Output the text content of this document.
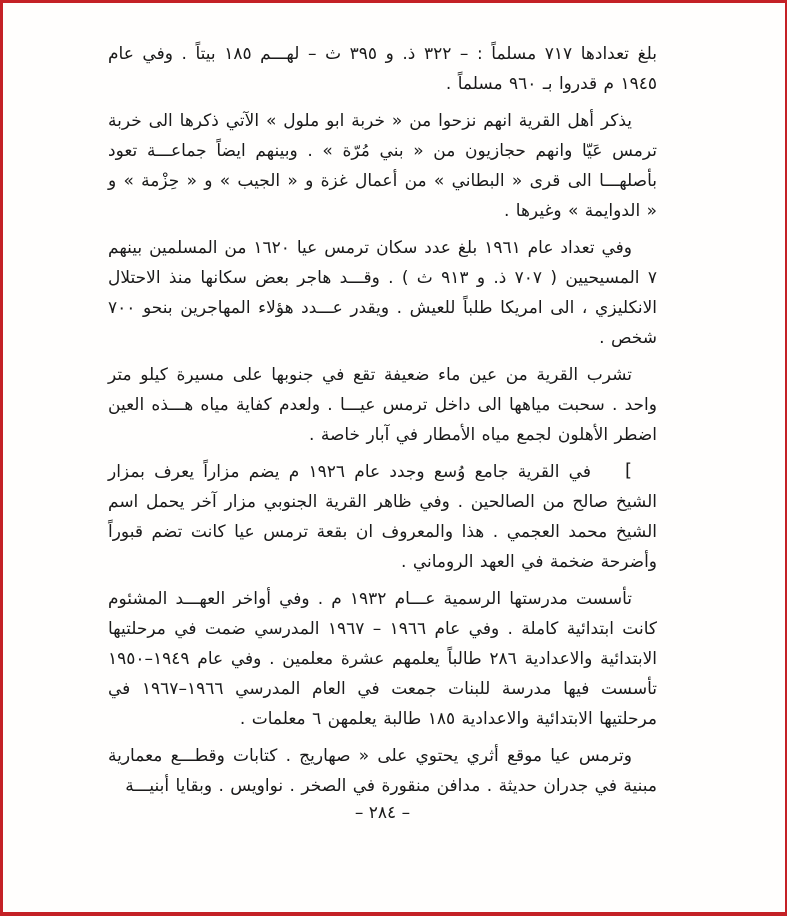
بلغ تعدادها ٧١٧ مسلماً : – ٣٢٢ ذ. و ٣٩٥ ث – لهـــم ١٨٥ بيتاً . وفي عام ١٩٤٥ م قدروا بـ ٩٦٠ مسلماً .

يذكر أهل القرية انهم نزحوا من « خربة ابو ملول » الآتي ذكرها الى خربة ترمس عَيّا وانهم حجازيون من « بني مُرّة » . وبينهم ايضاً جماعـــة تعود بأصلهـــا الى قرى « البطاني » من أعمال غزة و « الجيب » و « حِزْمة » و « الدوايمة » وغيرها .

وفي تعداد عام ١٩٦١ بلغ عدد سكان ترمس عيا ١٦٢٠ من المسلمين بينهم ٧ المسيحيين ( ٧٠٧ ذ. و ٩١٣ ث ) . وقـــد هاجر بعض سكانها منذ الاحتلال الانكليزي ، الى امريكا طلباً للعيش . ويقدر عـــدد هؤلاء المهاجرين بنحو ٧٠٠ شخص .

تشرب القرية من عين ماء ضعيفة تقع في جنوبها على مسيرة كيلو متر واحد . سحبت مياهها الى داخل ترمس عيـــا . ولعدم كفاية مياه هـــذه العين اضطر الأهلون لجمع مياه الأمطار في آبار خاصة .

[في القرية جامع وُسع وجدد عام ١٩٢٦ م يضم مزاراً يعرف بمزار الشيخ صالح من الصالحين . وفي ظاهر القرية الجنوبي مزار آخر يحمل اسم الشيخ محمد العجمي . هذا والمعروف ان بقعة ترمس عيا كانت تضم قبوراً وأضرحة ضخمة في العهد الروماني .

تأسست مدرستها الرسمية عـــام ١٩٣٢ م . وفي أواخر العهـــد المشئوم كانت ابتدائية كاملة . وفي عام ١٩٦٦ – ١٩٦٧ المدرسي ضمت في مرحلتيها الابتدائية والاعدادية ٢٨٦ طالباً يعلمهم عشرة معلمين . وفي عام ١٩٤٩–١٩٥٠ تأسست فيها مدرسة للبنات جمعت في العام المدرسي ١٩٦٦–١٩٦٧ في مرحلتيها الابتدائية والاعدادية ١٨٥ طالبة يعلمهن ٦ معلمات .

وترمس عيا موقع أثري يحتوي على « صهاريج . كتابات وقطـــع معمارية مبنية في جدران حديثة . مدافن منقورة في الصخر . نواويس . وبقايا أبنيـــة

– ٢٨٤ –
